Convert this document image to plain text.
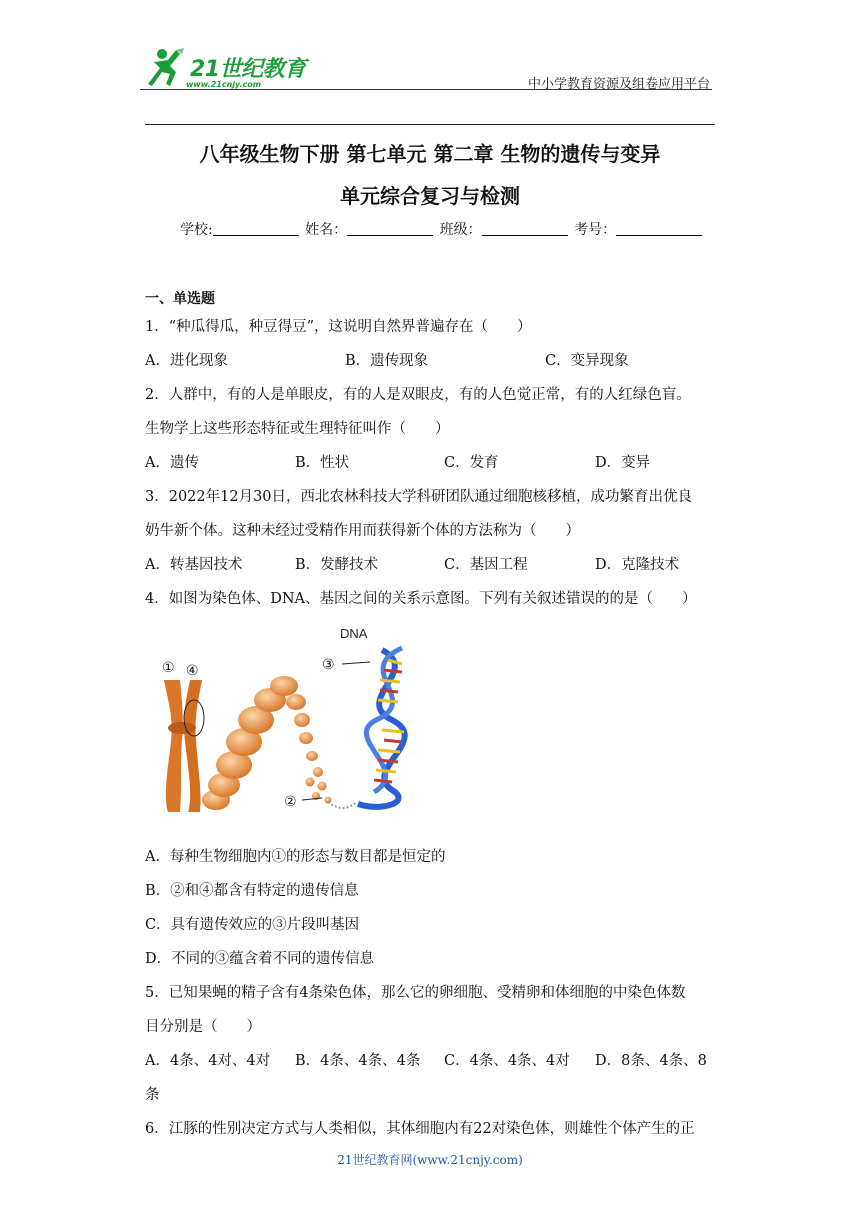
21世纪教育
www.21cnjy.com	中小学教育资源及组卷应用平台
八年级生物下册 第七单元 第二章 生物的遗传与变异
单元综合复习与检测
学校:	姓名：	班级：	考号：
一、单选题
1．“种瓜得瓜，种豆得豆”，这说明自然界普遍存在（　　）
A．进化现象	B．遗传现象	C．变异现象
2．人群中，有的人是单眼皮，有的人是双眼皮，有的人色觉正常，有的人红绿色盲。
生物学上这些形态特征或生理特征叫作（　　）
A．遗传	B．性状	C．发育	D．变异
3．2022年12月30日，西北农林科技大学科研团队通过细胞核移植，成功繁育出优良
奶牛新个体。这种未经过受精作用而获得新个体的方法称为（　　）
A．转基因技术	B．发酵技术	C．基因工程	D．克隆技术
4．如图为染色体、DNA、基因之间的关系示意图。下列有关叙述错误的的是（　　）
DNA
① ④	③
②
A．每种生物细胞内①的形态与数目都是恒定的
B．②和④都含有特定的遗传信息
C．具有遗传效应的③片段叫基因
D．不同的③蕴含着不同的遗传信息
5．已知果蝇的精子含有4条染色体，那么它的卵细胞、受精卵和体细胞的中染色体数
目分别是（　　）
A．4条、4对、4对 B．4条、4条、4条 C．4条、4条、4对 D．8条、4条、8
条
6．江豚的性别决定方式与人类相似，其体细胞内有22对染色体，则雄性个体产生的正
21世纪教育网(www.21cnjy.com)
